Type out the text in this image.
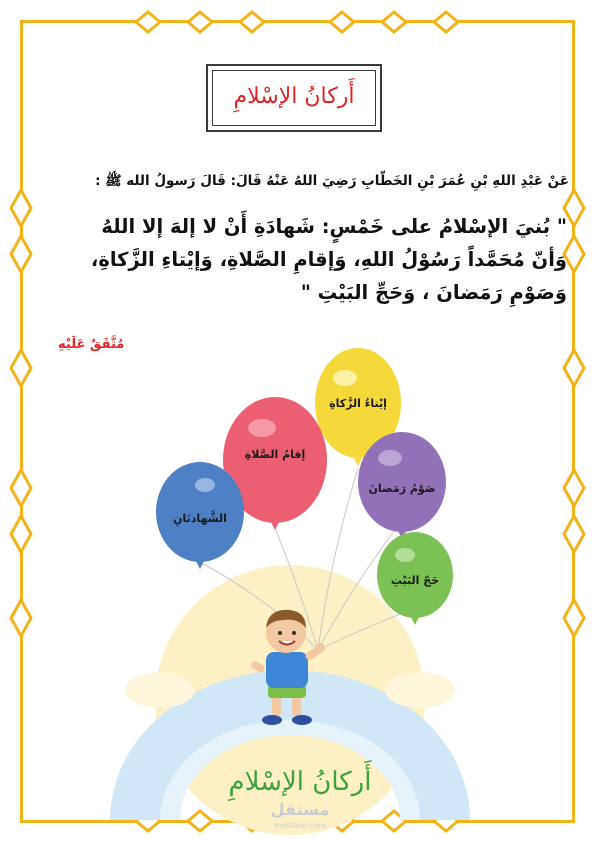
أَركانُ الإسْلامِ
عَنْ عَبْدِ اللهِ بْنِ عُمَرَ بْنِ الخَطّابِ رَضِيَ اللهُ عَنْهُ قَالَ: قَالَ رَسولُ الله ﷺ :
" بُنيَ الإسْلامُ على خَمْسٍ: شَهادَةِ أَنْ لا إلهَ إلا اللهُ
وَأنّ مُحَمَّداً رَسُوْلُ اللهِ، وَإقامِ الصَّلاةِ، وَإيْتاءِ الزَّكاةِ،
وَصَوْمِ رَمَضانَ ، وَحَجِّ البَيْتِ "
مُتَّفَقٌ عَلَيْهِ
إيْتاءُ الزَّكاةِ
إقامُ الصَّلاةِ
صَوْمُ رَمَضانَ
الشَّهادتَانِ
حَجّ البَيْتِ
أَركانُ الإسْلامِ
مستقل
mostaql.com
